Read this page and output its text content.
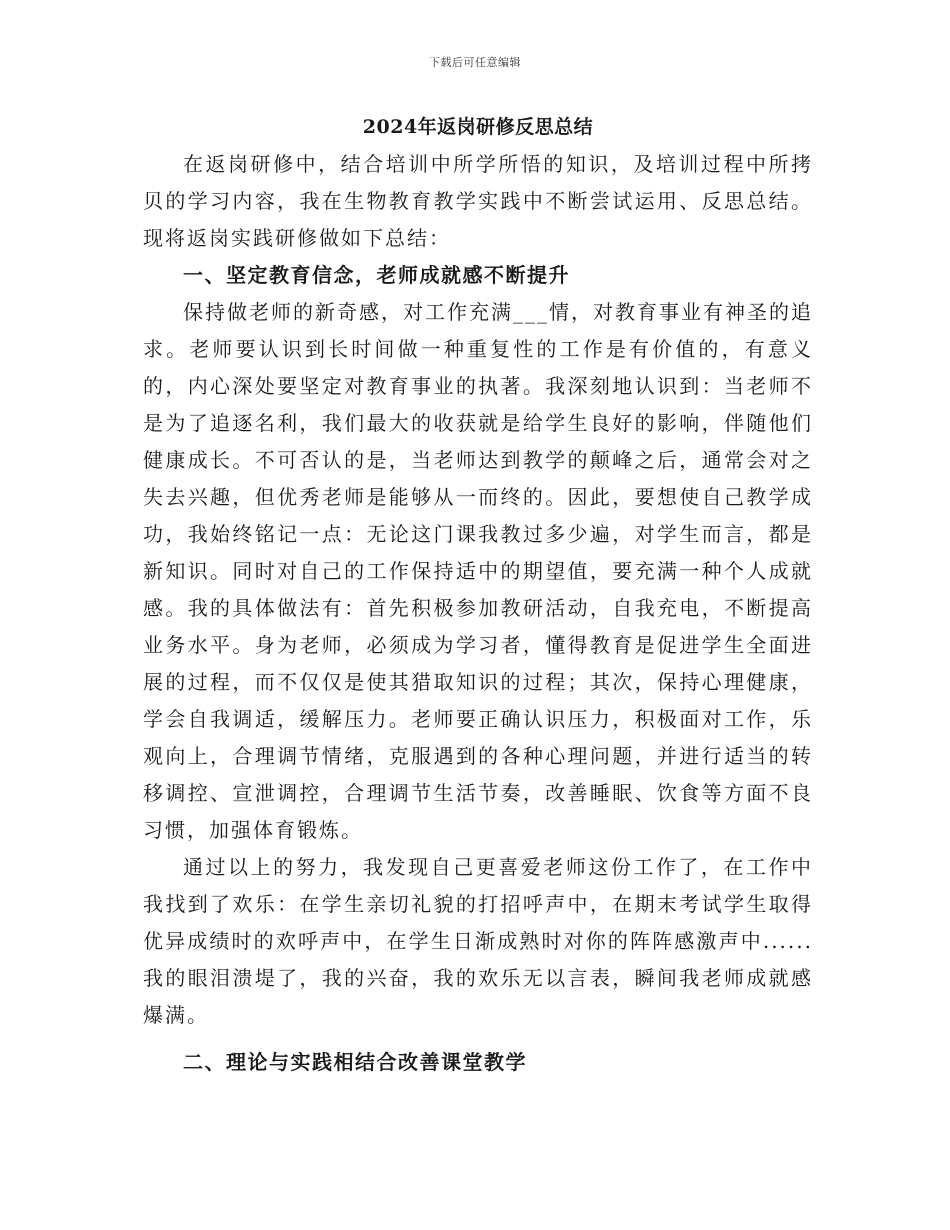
下载后可任意编辑
2024年返岗研修反思总结

在返岗研修中，结合培训中所学所悟的知识，及培训过程中所拷贝的学习内容，我在生物教育教学实践中不断尝试运用、反思总结。现将返岗实践研修做如下总结：

一、坚定教育信念，老师成就感不断提升

保持做老师的新奇感，对工作充满___情，对教育事业有神圣的追求。老师要认识到长时间做一种重复性的工作是有价值的，有意义的，内心深处要坚定对教育事业的执著。我深刻地认识到：当老师不是为了追逐名利，我们最大的收获就是给学生良好的影响，伴随他们健康成长。不可否认的是，当老师达到教学的颠峰之后，通常会对之失去兴趣，但优秀老师是能够从一而终的。因此，要想使自己教学成功，我始终铭记一点：无论这门课我教过多少遍，对学生而言，都是新知识。同时对自己的工作保持适中的期望值，要充满一种个人成就感。我的具体做法有：首先积极参加教研活动，自我充电，不断提高业务水平。身为老师，必须成为学习者，懂得教育是促进学生全面进展的过程，而不仅仅是使其猎取知识的过程；其次，保持心理健康，学会自我调适，缓解压力。老师要正确认识压力，积极面对工作，乐观向上，合理调节情绪，克服遇到的各种心理问题，并进行适当的转移调控、宣泄调控，合理调节生活节奏，改善睡眠、饮食等方面不良习惯，加强体育锻炼。

通过以上的努力，我发现自己更喜爱老师这份工作了，在工作中我找到了欢乐：在学生亲切礼貌的打招呼声中，在期末考试学生取得优异成绩时的欢呼声中，在学生日渐成熟时对你的阵阵感激声中......我的眼泪溃堤了，我的兴奋，我的欢乐无以言表，瞬间我老师成就感爆满。

二、理论与实践相结合改善课堂教学
